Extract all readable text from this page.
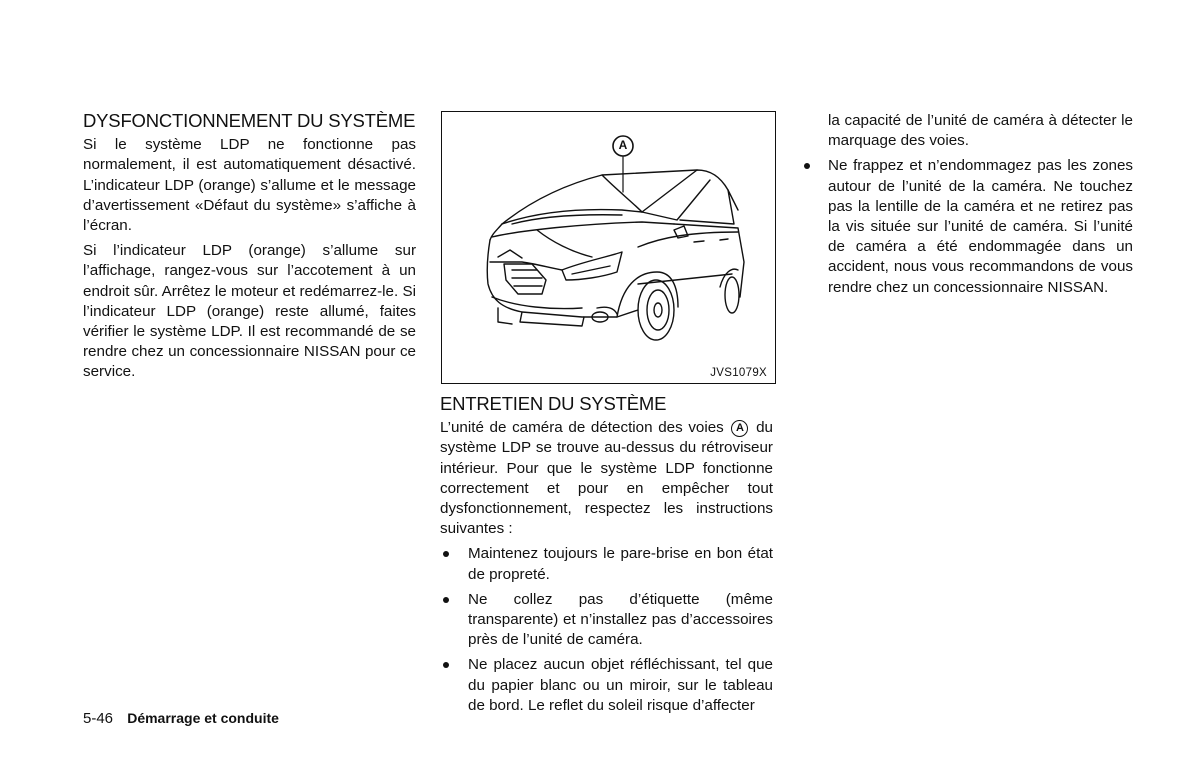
DYSFONCTIONNEMENT DU SYSTÈME

Si le système LDP ne fonctionne pas normalement, il est automatiquement désactivé. L’indicateur LDP (orange) s’allume et le message d’avertissement «Défaut du système» s’affiche à l’écran.

Si l’indicateur LDP (orange) s’allume sur l’affichage, rangez-vous sur l’accotement à un endroit sûr. Arrêtez le moteur et redémarrez-le. Si l’indicateur LDP (orange) reste allumé, faites vérifier le système LDP. Il est recommandé de se rendre chez un concessionnaire NISSAN pour ce service.

A
JVS1079X
ENTRETIEN DU SYSTÈME

L’unité de caméra de détection des voies A du système LDP se trouve au-dessus du rétroviseur intérieur. Pour que le système LDP fonctionne correctement et pour en empêcher tout dysfonctionnement, respectez les instructions suivantes :

Maintenez toujours le pare-brise en bon état de propreté.
Ne collez pas d’étiquette (même transparente) et n’installez pas d’accessoires près de l’unité de caméra.
Ne placez aucun objet réfléchissant, tel que du papier blanc ou un miroir, sur le tableau de bord. Le reflet du soleil risque d’affecter

la capacité de l’unité de caméra à détecter le marquage des voies.

Ne frappez et n’endommagez pas les zones autour de l’unité de la caméra. Ne touchez pas la lentille de la caméra et ne retirez pas la vis située sur l’unité de caméra. Si l’unité de caméra a été endommagée dans un accident, nous vous recommandons de vous rendre chez un concessionnaire NISSAN.
5-46 Démarrage et conduite
